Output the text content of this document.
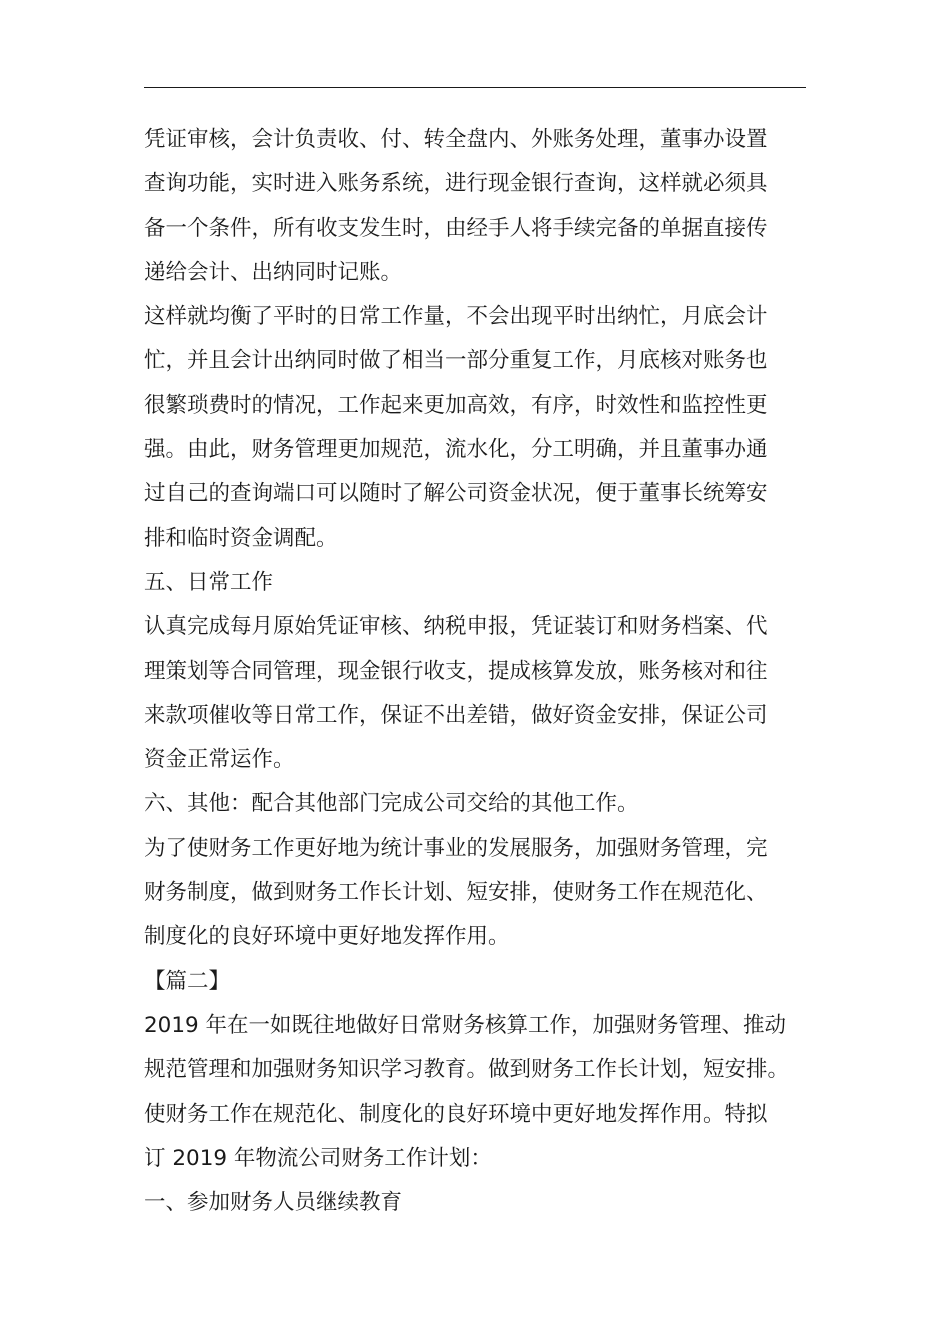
凭证审核，会计负责收、付、转全盘内、外账务处理，董事办设置
查询功能，实时进入账务系统，进行现金银行查询，这样就必须具
备一个条件，所有收支发生时，由经手人将手续完备的单据直接传
递给会计、出纳同时记账。
这样就均衡了平时的日常工作量，不会出现平时出纳忙，月底会计
忙，并且会计出纳同时做了相当一部分重复工作，月底核对账务也
很繁琐费时的情况，工作起来更加高效，有序，时效性和监控性更
强。由此，财务管理更加规范，流水化，分工明确，并且董事办通
过自己的查询端口可以随时了解公司资金状况，便于董事长统筹安
排和临时资金调配。
五、日常工作
认真完成每月原始凭证审核、纳税申报，凭证装订和财务档案、代
理策划等合同管理，现金银行收支，提成核算发放，账务核对和往
来款项催收等日常工作，保证不出差错，做好资金安排，保证公司
资金正常运作。
六、其他：配合其他部门完成公司交给的其他工作。
为了使财务工作更好地为统计事业的发展服务，加强财务管理，完
财务制度，做到财务工作长计划、短安排，使财务工作在规范化、
制度化的良好环境中更好地发挥作用。
【篇二】
2019 年在一如既往地做好日常财务核算工作，加强财务管理、推动
规范管理和加强财务知识学习教育。做到财务工作长计划，短安排。
使财务工作在规范化、制度化的良好环境中更好地发挥作用。特拟
订 2019 年物流公司财务工作计划：
一、参加财务人员继续教育
